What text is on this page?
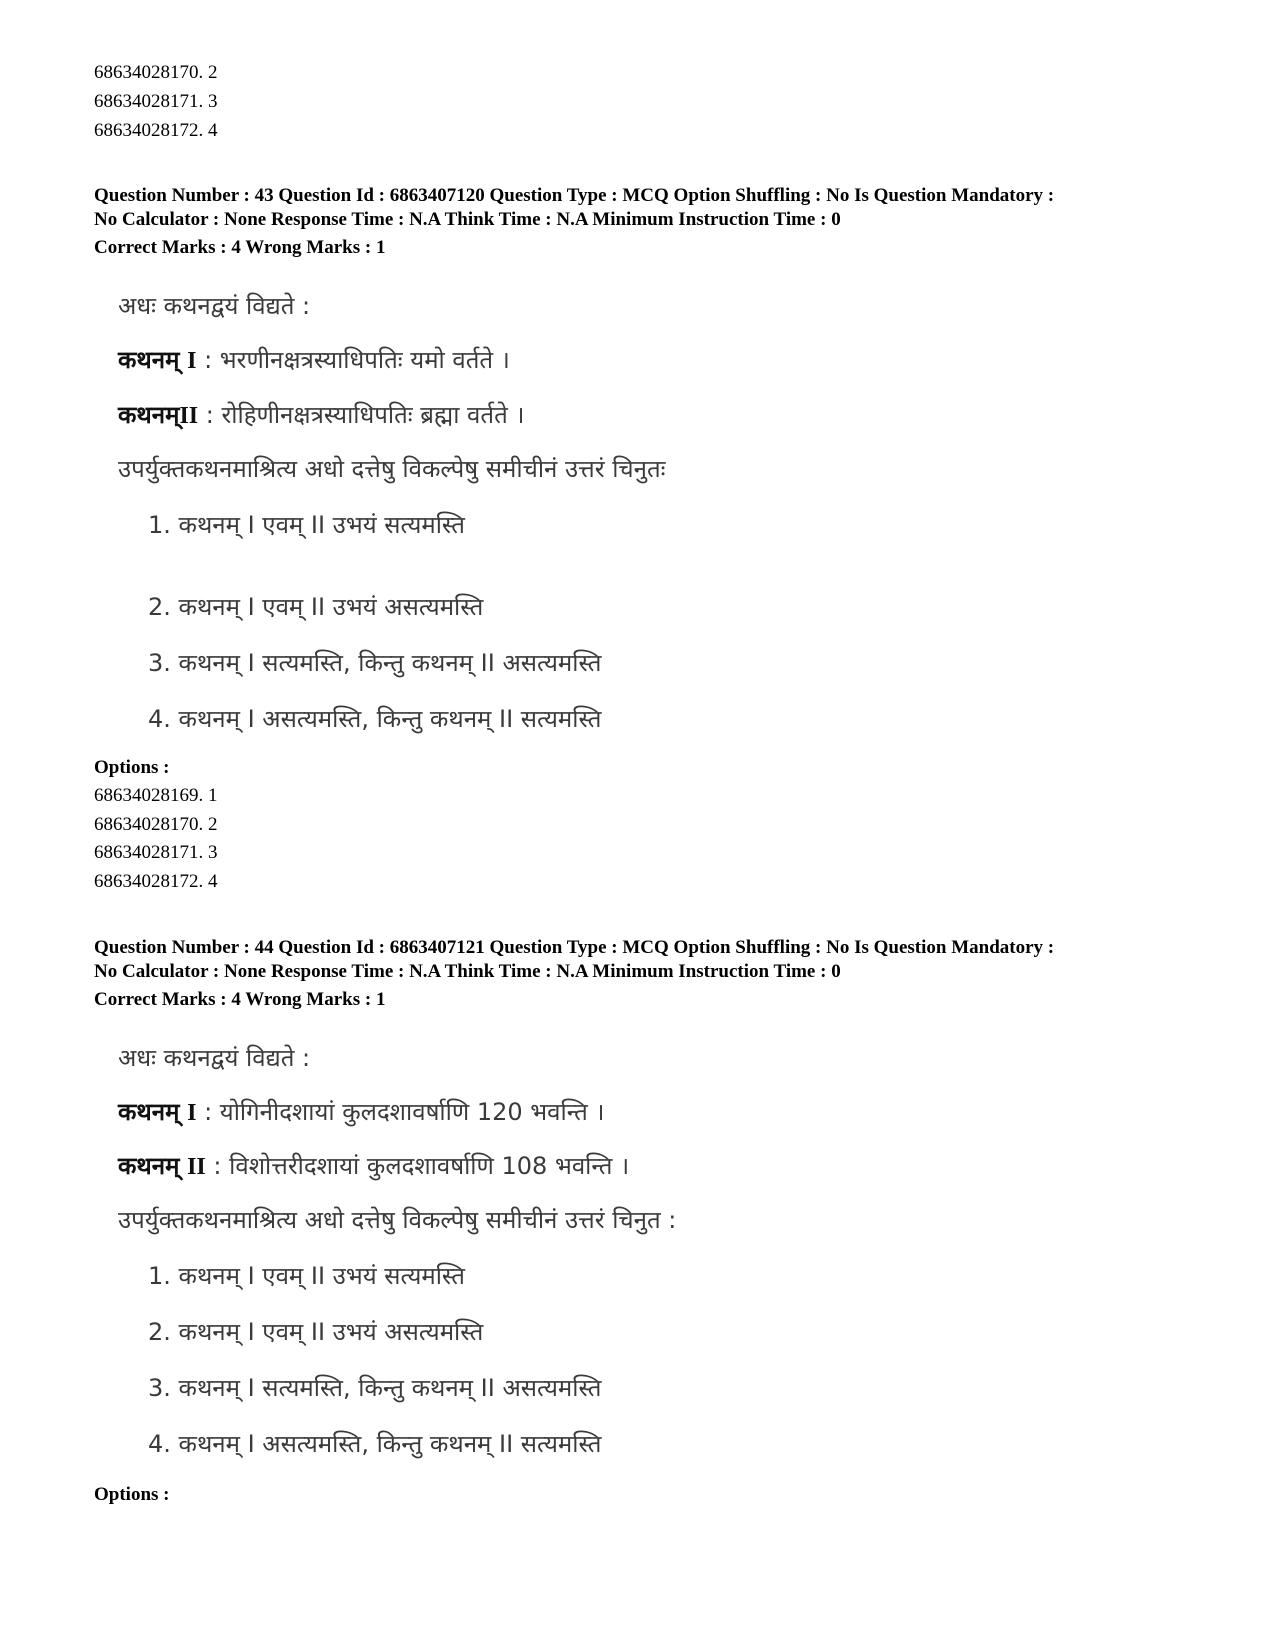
68634028170. 2
68634028171. 3
68634028172. 4
Question Number : 43 Question Id : 6863407120 Question Type : MCQ Option Shuffling : No Is Question Mandatory :
No Calculator : None Response Time : N.A Think Time : N.A Minimum Instruction Time : 0
Correct Marks : 4 Wrong Marks : 1
अधः कथनद्वयं विद्यते :
कथनम् I : भरणीनक्षत्रस्याधिपतिः यमो वर्तते ।
कथनम्II : रोहिणीनक्षत्रस्याधिपतिः ब्रह्मा वर्तते ।
उपर्युक्तकथनमाश्रित्य अधो दत्तेषु विकल्पेषु समीचीनं उत्तरं चिनुतः
1. कथनम् I एवम् II उभयं सत्यमस्ति
2. कथनम् I एवम् II उभयं असत्यमस्ति
3. कथनम् I सत्यमस्ति, किन्तु कथनम् II असत्यमस्ति
4. कथनम् I असत्यमस्ति, किन्तु कथनम् II सत्यमस्ति
Options :
68634028169. 1
68634028170. 2
68634028171. 3
68634028172. 4
Question Number : 44 Question Id : 6863407121 Question Type : MCQ Option Shuffling : No Is Question Mandatory :
No Calculator : None Response Time : N.A Think Time : N.A Minimum Instruction Time : 0
Correct Marks : 4 Wrong Marks : 1
अधः कथनद्वयं विद्यते :
कथनम् I : योगिनीदशायां कुलदशावर्षाणि 120 भवन्ति ।
कथनम् II : विशोत्तरीदशायां कुलदशावर्षाणि 108 भवन्ति ।
उपर्युक्तकथनमाश्रित्य अधो दत्तेषु विकल्पेषु समीचीनं उत्तरं चिनुत :
1. कथनम् I एवम् II उभयं सत्यमस्ति
2. कथनम् I एवम् II उभयं असत्यमस्ति
3. कथनम् I सत्यमस्ति, किन्तु कथनम् II असत्यमस्ति
4. कथनम् I असत्यमस्ति, किन्तु कथनम् II सत्यमस्ति
Options :
